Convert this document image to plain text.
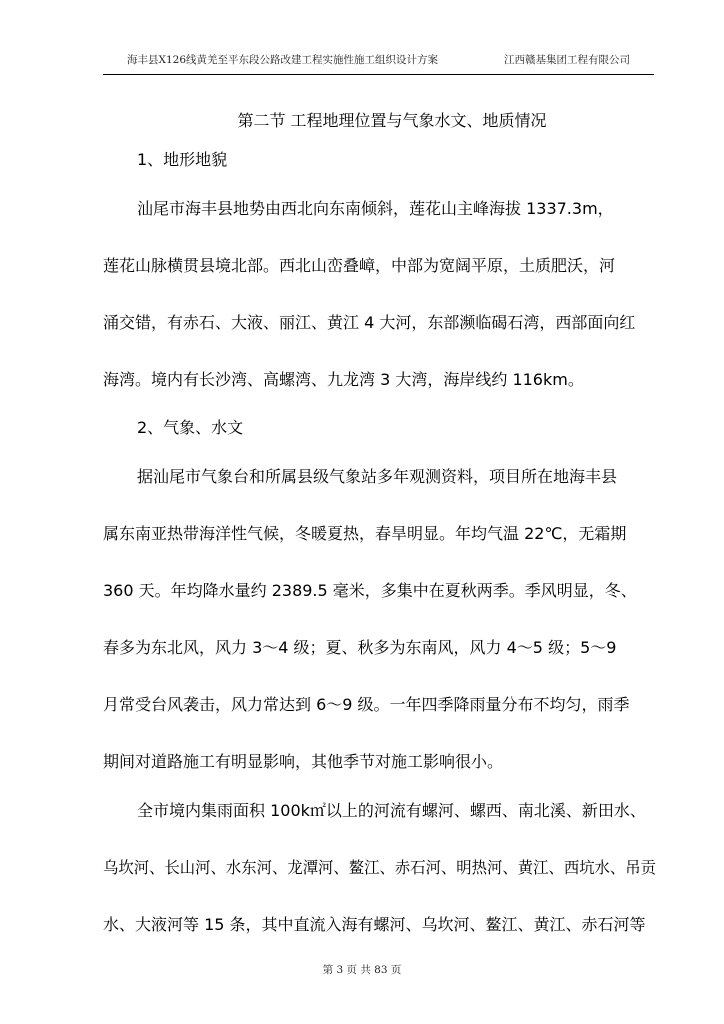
海丰县X126线黄羌至平东段公路改建工程实施性施工组织设计方案	江西赣基集团工程有限公司
第二节 工程地理位置与气象水文、地质情况
1、地形地貌
汕尾市海丰县地势由西北向东南倾斜，莲花山主峰海拔 1337.3m，
莲花山脉横贯县境北部。西北山峦叠嶂，中部为宽阔平原，土质肥沃，河
涌交错，有赤石、大液、丽江、黄江 4 大河，东部濒临碣石湾，西部面向红
海湾。境内有长沙湾、高螺湾、九龙湾 3 大湾，海岸线约 116km。
2、气象、水文
据汕尾市气象台和所属县级气象站多年观测资料，项目所在地海丰县
属东南亚热带海洋性气候，冬暖夏热，春旱明显。年均气温 22℃，无霜期
360 天。年均降水量约 2389.5 毫米，多集中在夏秋两季。季风明显，冬、
春多为东北风，风力 3～4 级；夏、秋多为东南风，风力 4～5 级；5～9
月常受台风袭击，风力常达到 6～9 级。一年四季降雨量分布不均匀，雨季
期间对道路施工有明显影响，其他季节对施工影响很小。
全市境内集雨面积 100k㎡以上的河流有螺河、螺西、南北溪、新田水、
乌坎河、长山河、水东河、龙潭河、鳌江、赤石河、明热河、黄江、西坑水、吊贡
水、大液河等 15 条，其中直流入海有螺河、乌坎河、鳌江、黄江、赤石河等
第 3 页 共 83 页
